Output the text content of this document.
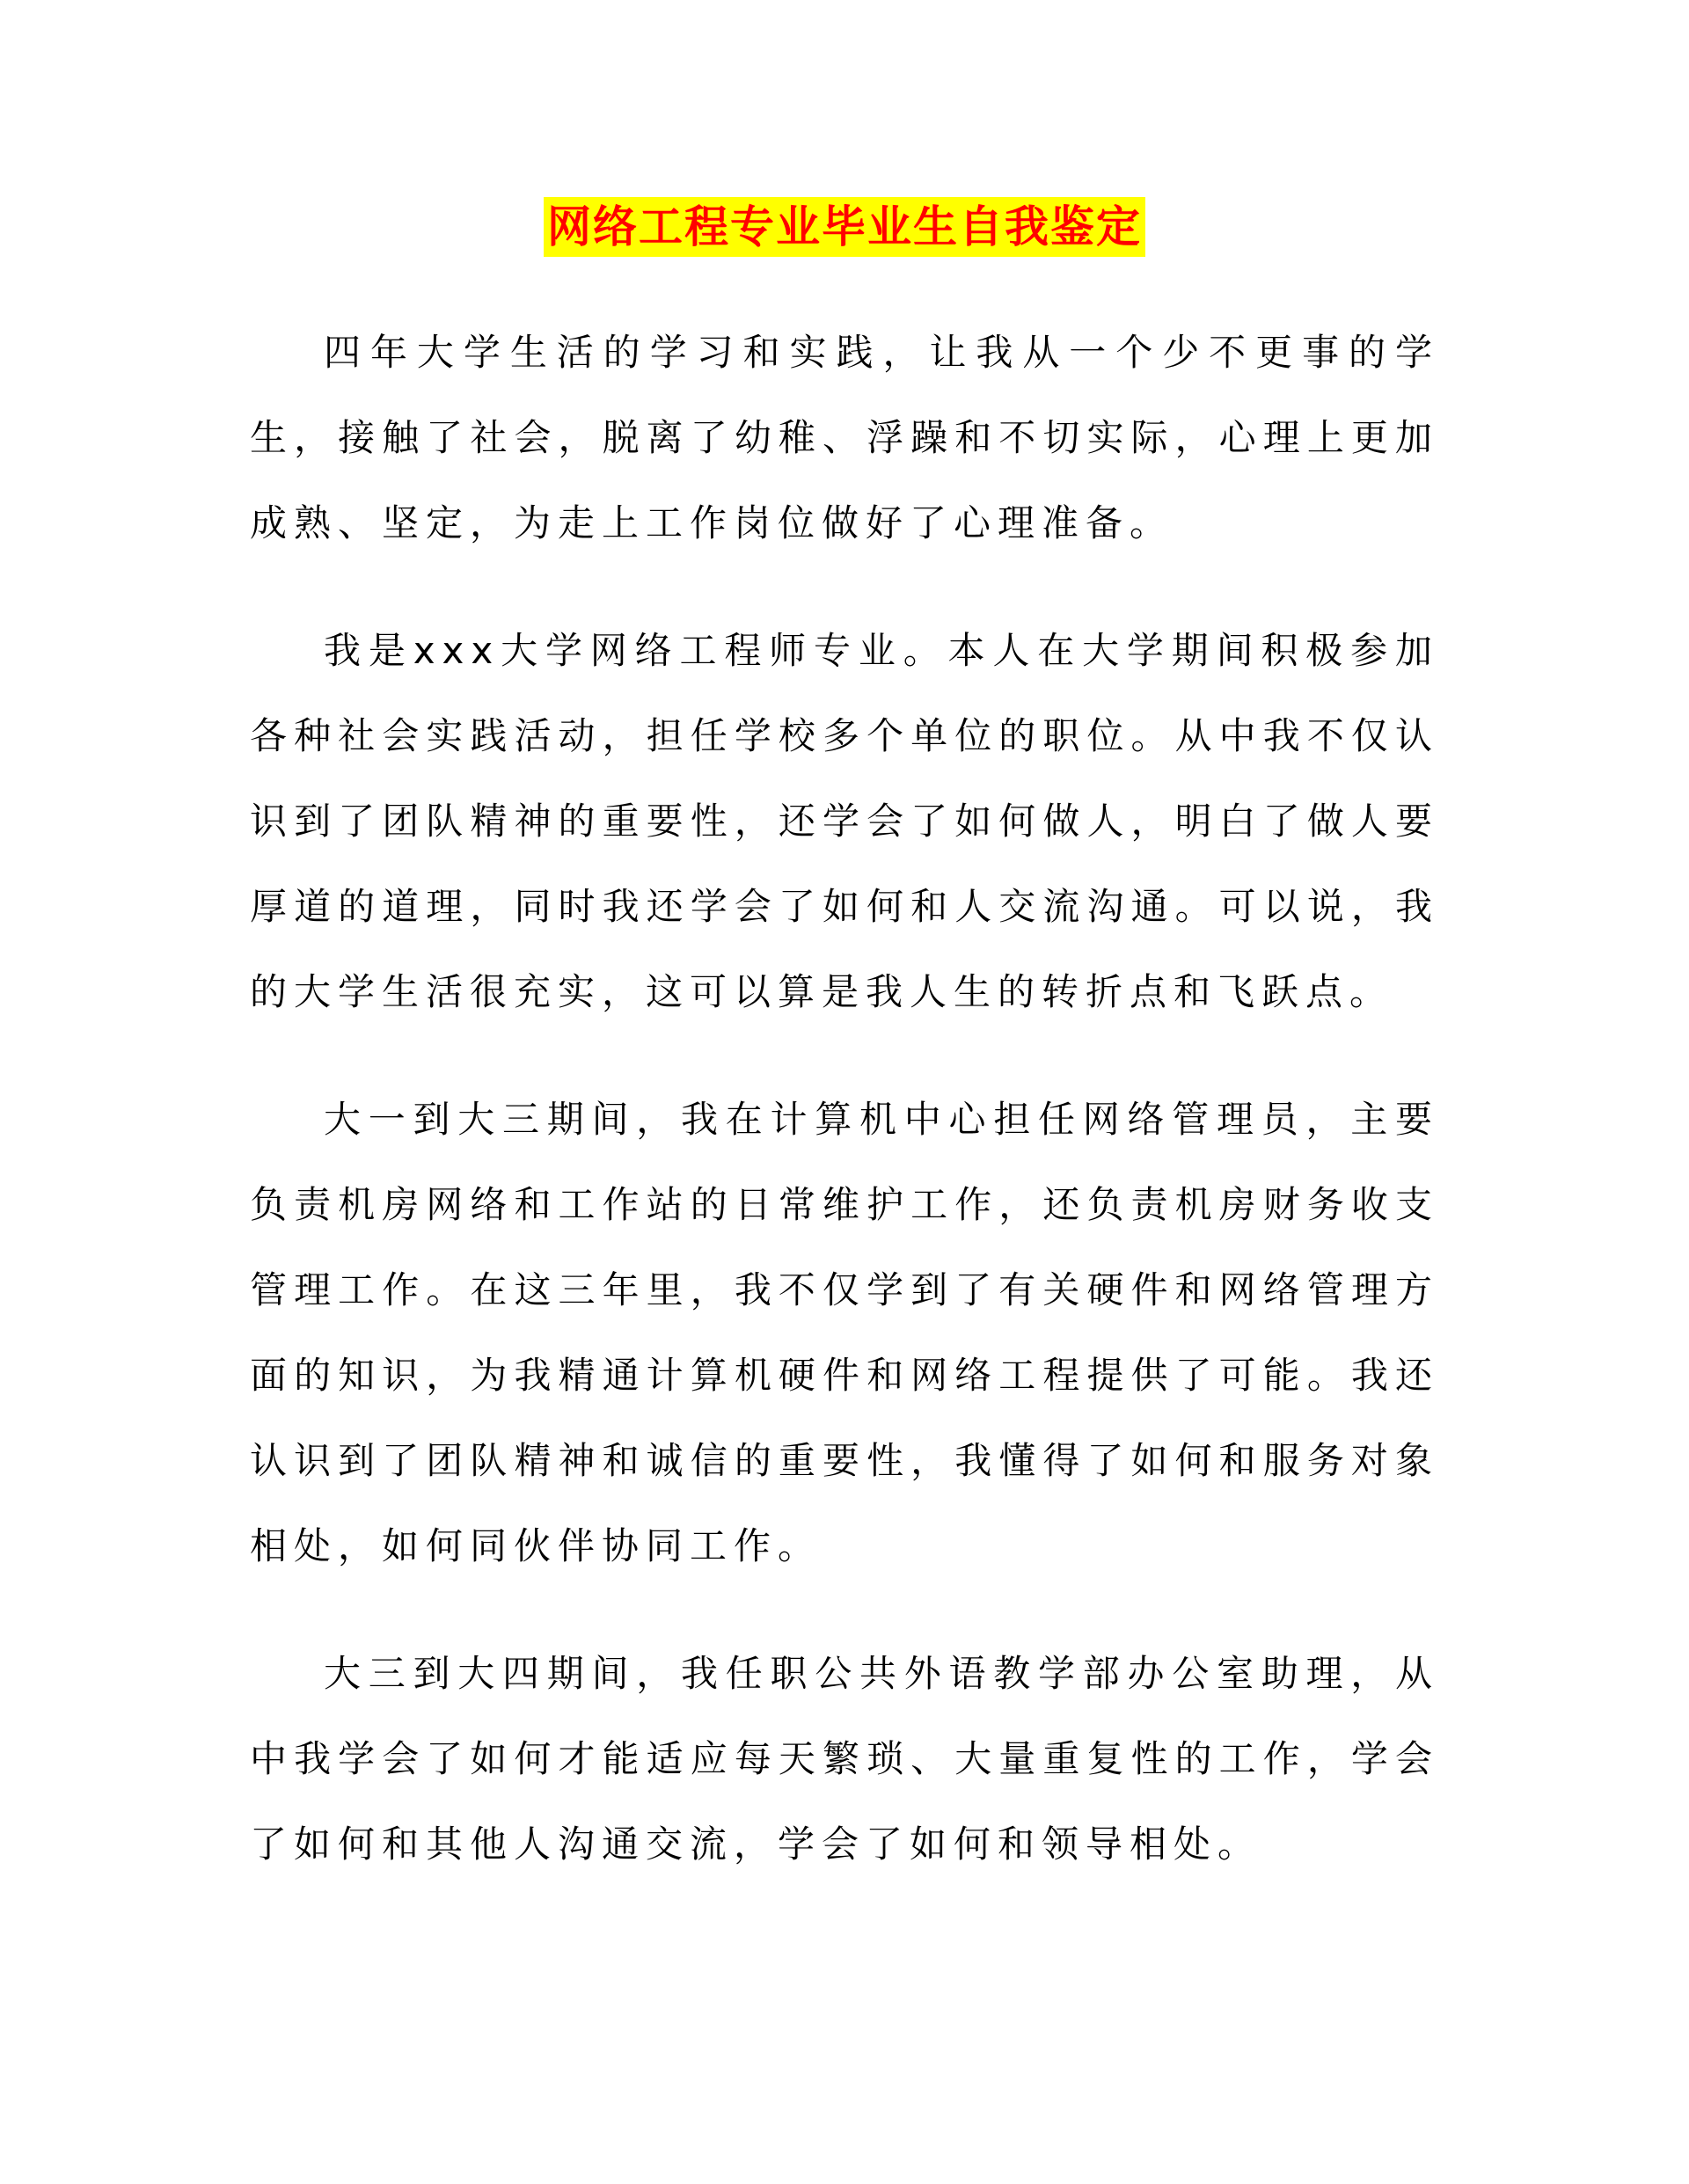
网络工程专业毕业生自我鉴定

四年大学生活的学习和实践，让我从一个少不更事的学生，接触了社会，脱离了幼稚、浮躁和不切实际，心理上更加成熟、坚定，为走上工作岗位做好了心理准备。

我是xxx大学网络工程师专业。本人在大学期间积极参加各种社会实践活动，担任学校多个单位的职位。从中我不仅认识到了团队精神的重要性，还学会了如何做人，明白了做人要厚道的道理，同时我还学会了如何和人交流沟通。可以说，我的大学生活很充实，这可以算是我人生的转折点和飞跃点。

大一到大三期间，我在计算机中心担任网络管理员，主要负责机房网络和工作站的日常维护工作，还负责机房财务收支管理工作。在这三年里，我不仅学到了有关硬件和网络管理方面的知识，为我精通计算机硬件和网络工程提供了可能。我还认识到了团队精神和诚信的重要性，我懂得了如何和服务对象相处，如何同伙伴协同工作。

大三到大四期间，我任职公共外语教学部办公室助理，从中我学会了如何才能适应每天繁琐、大量重复性的工作，学会了如何和其他人沟通交流，学会了如何和领导相处。
